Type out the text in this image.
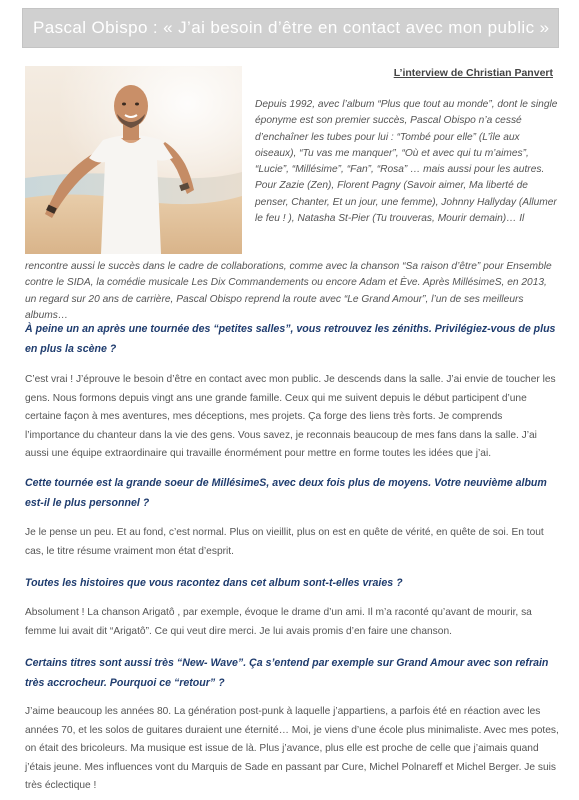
Pascal Obispo : « J’ai besoin d’être en contact avec mon public »
L’interview de Christian Panvert
Depuis 1992, avec l’album “Plus que tout au monde”, dont le single éponyme est son premier succès, Pascal Obispo n’a cessé d’enchaîner les tubes pour lui : “Tombé pour elle” (L’île aux oiseaux), “Tu vas me manquer”, “Où et avec qui tu m’aimes”, “Lucie”, “Millésime”, “Fan”, “Rosa” … mais aussi pour les autres. Pour Zazie (Zen), Florent Pagny (Savoir aimer, Ma liberté de penser, Chanter, Et un jour, une femme), Johnny Hallyday (Allumer le feu ! ), Natasha St-Pier (Tu trouveras, Mourir demain)… Il
rencontre aussi le succès dans le cadre de collaborations, comme avec la chanson “Sa raison d’être” pour Ensemble contre le SIDA, la comédie musicale Les Dix Commandements ou encore Adam et Ève. Après MillésimeS, en 2013, un regard sur 20 ans de carrière, Pascal Obispo reprend la route avec “Le Grand Amour”, l’un de ses meilleurs albums…
À peine un an après une tournée des “petites salles”, vous retrouvez les zéniths. Privilégiez-vous de plus en plus la scène ?
C’est vrai ! J’éprouve le besoin d’être en contact avec mon public. Je descends dans la salle. J’ai envie de toucher les gens. Nous formons depuis vingt ans une grande famille. Ceux qui me suivent depuis le début participent d’une certaine façon à mes aventures, mes déceptions, mes projets. Ça forge des liens très forts. Je comprends l’importance du chanteur dans la vie des gens. Vous savez, je reconnais beaucoup de mes fans dans la salle. J’ai aussi une équipe extraordinaire qui travaille énormément pour mettre en forme toutes les idées que j’ai.
Cette tournée est la grande soeur de MillésimeS, avec deux fois plus de moyens. Votre neuvième album est-il le plus personnel ?
Je le pense un peu. Et au fond, c’est normal. Plus on vieillit, plus on est en quête de vérité, en quête de soi. En tout cas, le titre résume vraiment mon état d’esprit.
Toutes les histoires que vous racontez dans cet album sont-t-elles vraies ?
Absolument ! La chanson Arigatô , par exemple, évoque le drame d’un ami. Il m’a raconté qu’avant de mourir, sa femme lui avait dit “Arigatô”. Ce qui veut dire merci. Je lui avais promis d’en faire une chanson.
Certains titres sont aussi très “New- Wave”. Ça s’entend par exemple sur Grand Amour avec son refrain très accrocheur. Pourquoi ce “retour” ?
J’aime beaucoup les années 80. La génération post-punk à laquelle j’appartiens, a parfois été en réaction avec les années 70, et les solos de guitares duraient une éternité… Moi, je viens d’une école plus minimaliste. Avec mes potes, on était des bricoleurs. Ma musique est issue de là. Plus j’avance, plus elle est proche de celle que j’aimais quand j’étais jeune. Mes influences vont du Marquis de Sade en passant par Cure, Michel Polnareff et Michel Berger. Je suis très éclectique !
